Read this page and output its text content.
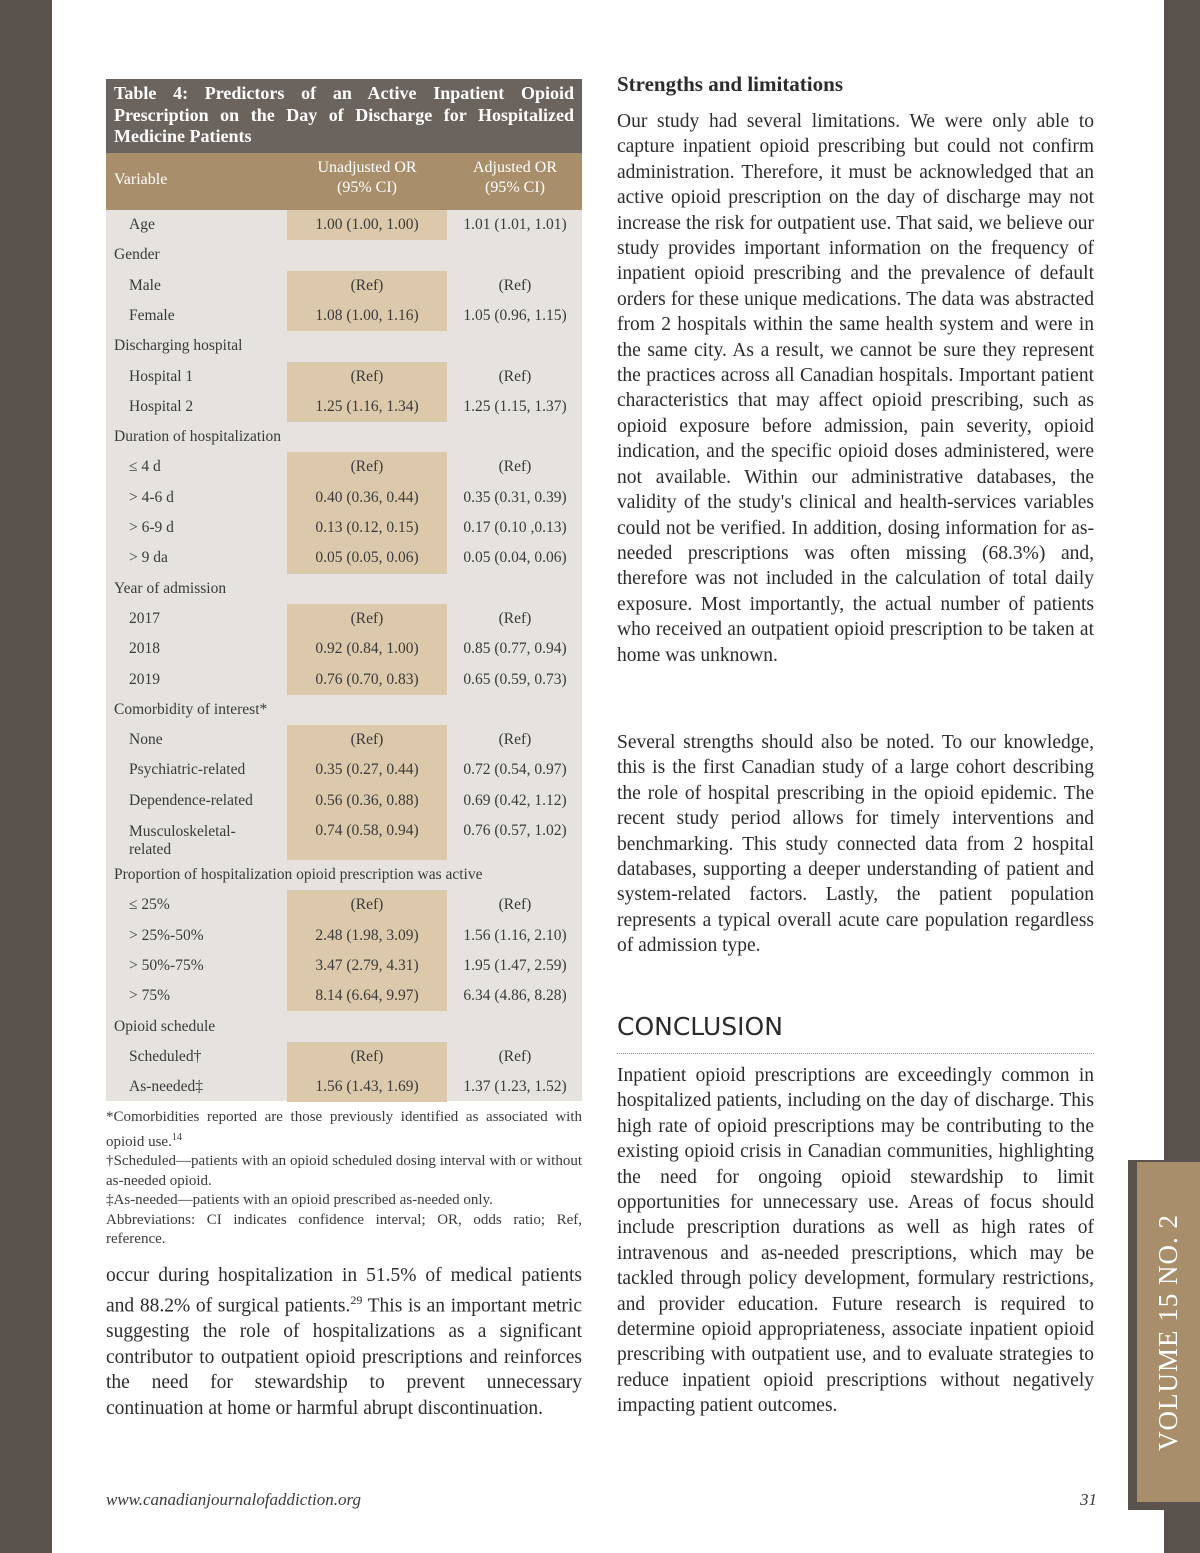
VOLUME 15 NO. 2
Table 4: Predictors of an Active Inpatient Opioid Prescription on the Day of Discharge for Hospitalized Medicine Patients
Variable
Unadjusted OR
(95% CI)
Adjusted OR
(95% CI)
Age	1.00 (1.00, 1.00)	1.01 (1.01, 1.01)
Gender
Male	(Ref)	(Ref)
Female	1.08 (1.00, 1.16)	1.05 (0.96, 1.15)
Discharging hospital
Hospital 1	(Ref)	(Ref)
Hospital 2	1.25 (1.16, 1.34)	1.25 (1.15, 1.37)
Duration of hospitalization
≤ 4 d	(Ref)	(Ref)
> 4-6 d	0.40 (0.36, 0.44)	0.35 (0.31, 0.39)
> 6-9 d	0.13 (0.12, 0.15)	0.17 (0.10 ,0.13)
> 9 da	0.05 (0.05, 0.06)	0.05 (0.04, 0.06)
Year of admission
2017	(Ref)	(Ref)
2018	0.92 (0.84, 1.00)	0.85 (0.77, 0.94)
2019	0.76 (0.70, 0.83)	0.65 (0.59, 0.73)
Comorbidity of interest*
None	(Ref)	(Ref)
Psychiatric-related	0.35 (0.27, 0.44)	0.72 (0.54, 0.97)
Dependence-related	0.56 (0.36, 0.88)	0.69 (0.42, 1.12)
Musculoskeletal-
related
0.74 (0.58, 0.94)	0.76 (0.57, 1.02)
Proportion of hospitalization opioid prescription was active
≤ 25%	(Ref)	(Ref)
> 25%-50%	2.48 (1.98, 3.09)	1.56 (1.16, 2.10)
> 50%-75%	3.47 (2.79, 4.31)	1.95 (1.47, 2.59)
> 75%	8.14 (6.64, 9.97)	6.34 (4.86, 8.28)
Opioid schedule
Scheduled†	(Ref)	(Ref)
As-needed‡	1.56 (1.43, 1.69)	1.37 (1.23, 1.52)

*Comorbidities reported are those previously identified as associated with opioid use.$^{14}$

†Scheduled—patients with an opioid scheduled dosing interval with or without as-needed opioid.

‡As-needed—patients with an opioid prescribed as-needed only.

Abbreviations: CI indicates confidence interval; OR, odds ratio; Ref, reference.

occur during hospitalization in 51.5% of medical patients and 88.2% of surgical patients.$^{29}$ This is an important metric suggesting the role of hospitalizations as a significant contributor to outpatient opioid prescriptions and reinforces the need for stewardship to prevent unnecessary continuation at home or harmful abrupt discontinuation.

Strengths and limitations

Our study had several limitations. We were only able to capture inpatient opioid prescribing but could not confirm administration. Therefore, it must be acknowledged that an active opioid prescription on the day of discharge may not increase the risk for outpatient use. That said, we believe our study provides important information on the frequency of inpatient opioid prescribing and the prevalence of default orders for these unique medications. The data was abstracted from 2 hospitals within the same health system and were in the same city. As a result, we cannot be sure they represent the practices across all Canadian hospitals. Important patient characteristics that may affect opioid prescribing, such as opioid exposure before admission, pain severity, opioid indication, and the specific opioid doses administered, were not available. Within our administrative databases, the validity of the study's clinical and health-services variables could not be verified. In addition, dosing information for as-needed prescriptions was often missing (68.3%) and, therefore was not included in the calculation of total daily exposure. Most importantly, the actual number of patients who received an outpatient opioid prescription to be taken at home was unknown.

Several strengths should also be noted. To our knowledge, this is the first Canadian study of a large cohort describing the role of hospital prescribing in the opioid epidemic. The recent study period allows for timely interventions and benchmarking. This study connected data from 2 hospital databases, supporting a deeper understanding of patient and system-related factors. Lastly, the patient population represents a typical overall acute care population regardless of admission type.

CONCLUSION

Inpatient opioid prescriptions are exceedingly common in hospitalized patients, including on the day of discharge. This high rate of opioid prescriptions may be contributing to the existing opioid crisis in Canadian communities, highlighting the need for ongoing opioid stewardship to limit opportunities for unnecessary use. Areas of focus should include prescription durations as well as high rates of intravenous and as-needed prescriptions, which may be tackled through policy development, formulary restrictions, and provider education. Future research is required to determine opioid appropriateness, associate inpatient opioid prescribing with outpatient use, and to evaluate strategies to reduce inpatient opioid prescriptions without negatively impacting patient outcomes.

www.canadianjournalofaddiction.org	31
